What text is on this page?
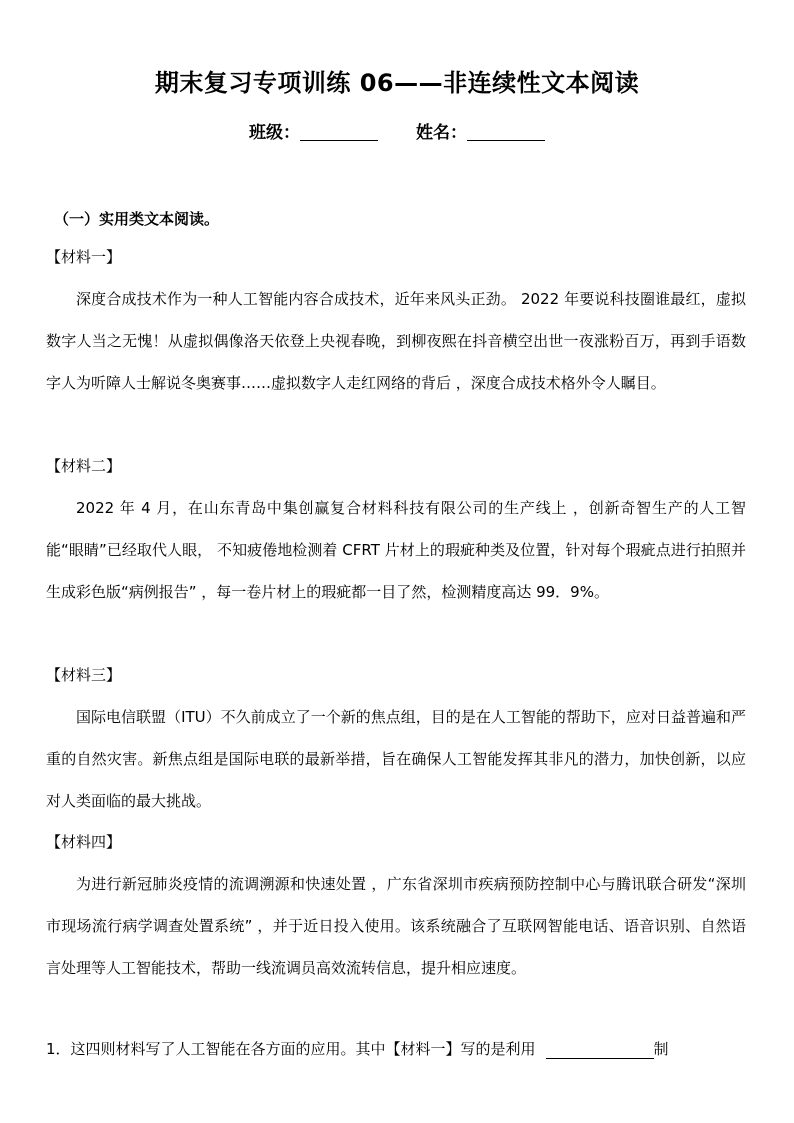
期末复习专项训练 06——非连续性文本阅读
班级：	姓名：
（一）实用类文本阅读。
【材料一】
深度合成技术作为一种人工智能内容合成技术，近年来风头正劲。 2022 年要说科技圈谁最红，虚拟数字人当之无愧！从虚拟偶像洛天依登上央视春晚，到柳夜熙在抖音横空出世一夜涨粉百万，再到手语数字人为听障人士解说冬奥赛事……虚拟数字人走红网络的背后 ，深度合成技术格外令人瞩目。
【材料二】
2022 年 4 月，在山东青岛中集创赢复合材料科技有限公司的生产线上 ，创新奇智生产的人工智能“眼睛”已经取代人眼， 不知疲倦地检测着 CFRT 片材上的瑕疵种类及位置，针对每个瑕疵点进行拍照并生成彩色版“病例报告” ，每一卷片材上的瑕疵都一目了然，检测精度高达 99．9%。
【材料三】
国际电信联盟（ITU）不久前成立了一个新的焦点组，目的是在人工智能的帮助下，应对日益普遍和严重的自然灾害。新焦点组是国际电联的最新举措，旨在确保人工智能发挥其非凡的潜力，加快创新，以应对人类面临的最大挑战。
【材料四】
为进行新冠肺炎疫情的流调溯源和快速处置 ，广东省深圳市疾病预防控制中心与腾讯联合研发“深圳市现场流行病学调查处置系统” ，并于近日投入使用。该系统融合了互联网智能电话、语音识别、自然语言处理等人工智能技术，帮助一线流调员高效流转信息，提升相应速度。
1．这四则材料写了人工智能在各方面的应用。其中【材料一】写的是利用	制
